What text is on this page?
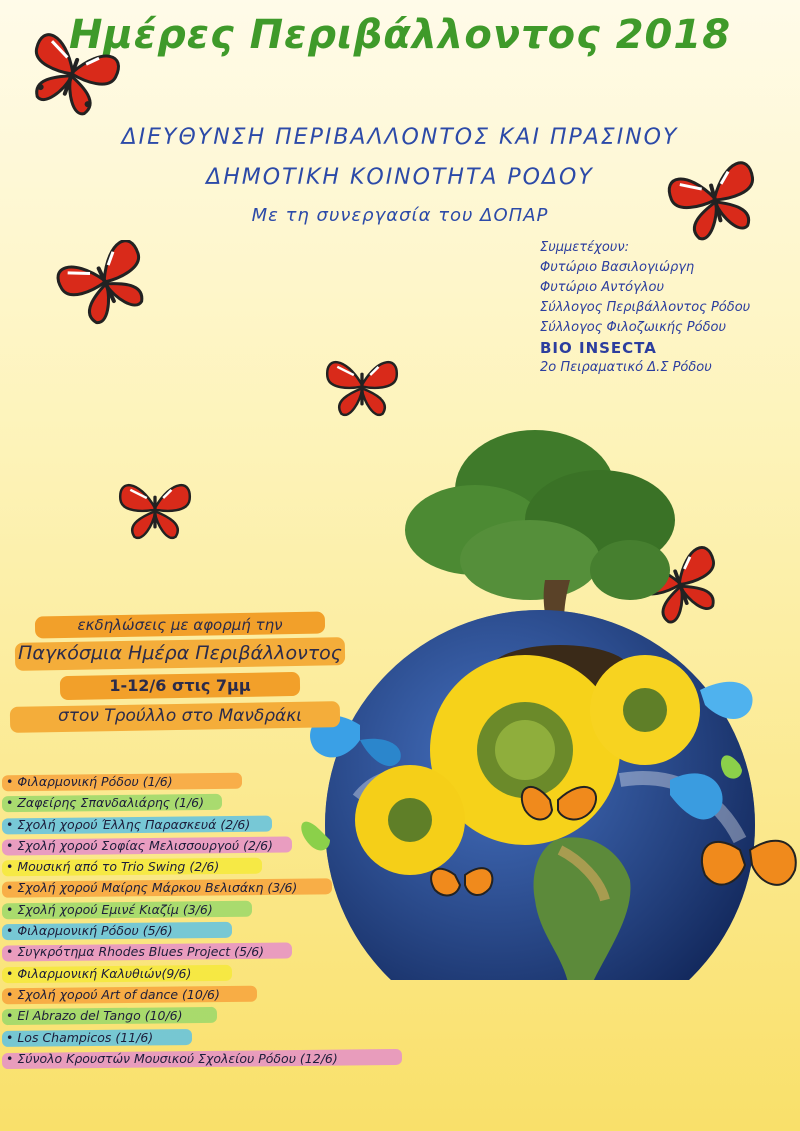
Ημέρες Περιβάλλοντος 2018
ΔΙΕΥΘΥΝΣΗ ΠΕΡΙΒΑΛΛΟΝΤΟΣ ΚΑΙ ΠΡΑΣΙΝΟΥ
ΔΗΜΟΤΙΚΗ ΚΟΙΝΟΤΗΤΑ ΡΟΔΟΥ
Με τη συνεργασία του ΔΟΠΑΡ
Συμμετέχουν:
Φυτώριο Βασιλογιώργη
Φυτώριο Αντόγλου
Σύλλογος Περιβάλλοντος Ρόδου
Σύλλογος Φιλοζωικής Ρόδου
BIO INSECTA
2ο Πειραματικό Δ.Σ Ρόδου
εκδηλώσεις με αφορμή την
Παγκόσμια Ημέρα Περιβάλλοντος
1-12/6 στις 7μμ
στον Τρούλλο στο Μανδράκι
• Φιλαρμονική Ρόδου (1/6)
• Ζαφείρης Σπανδαλιάρης (1/6)
• Σχολή χορού Έλλης Παρασκευά (2/6)
• Σχολή χορού Σοφίας Μελισσουργού (2/6)
• Μουσική από το Trio Swing (2/6)
• Σχολή χορού Μαίρης Μάρκου Βελισάκη (3/6)
• Σχολή χορού Εμινέ Κιαζίμ (3/6)
• Φιλαρμονική Ρόδου (5/6)
• Συγκρότημα Rhodes Blues Project (5/6)
• Φιλαρμονική Καλυθιών(9/6)
• Σχολή χορού Art of dance (10/6)
• El Abrazo del Tango (10/6)
• Los Champicos (11/6)
• Σύνολο Κρουστών Μουσικού Σχολείου Ρόδου (12/6)
